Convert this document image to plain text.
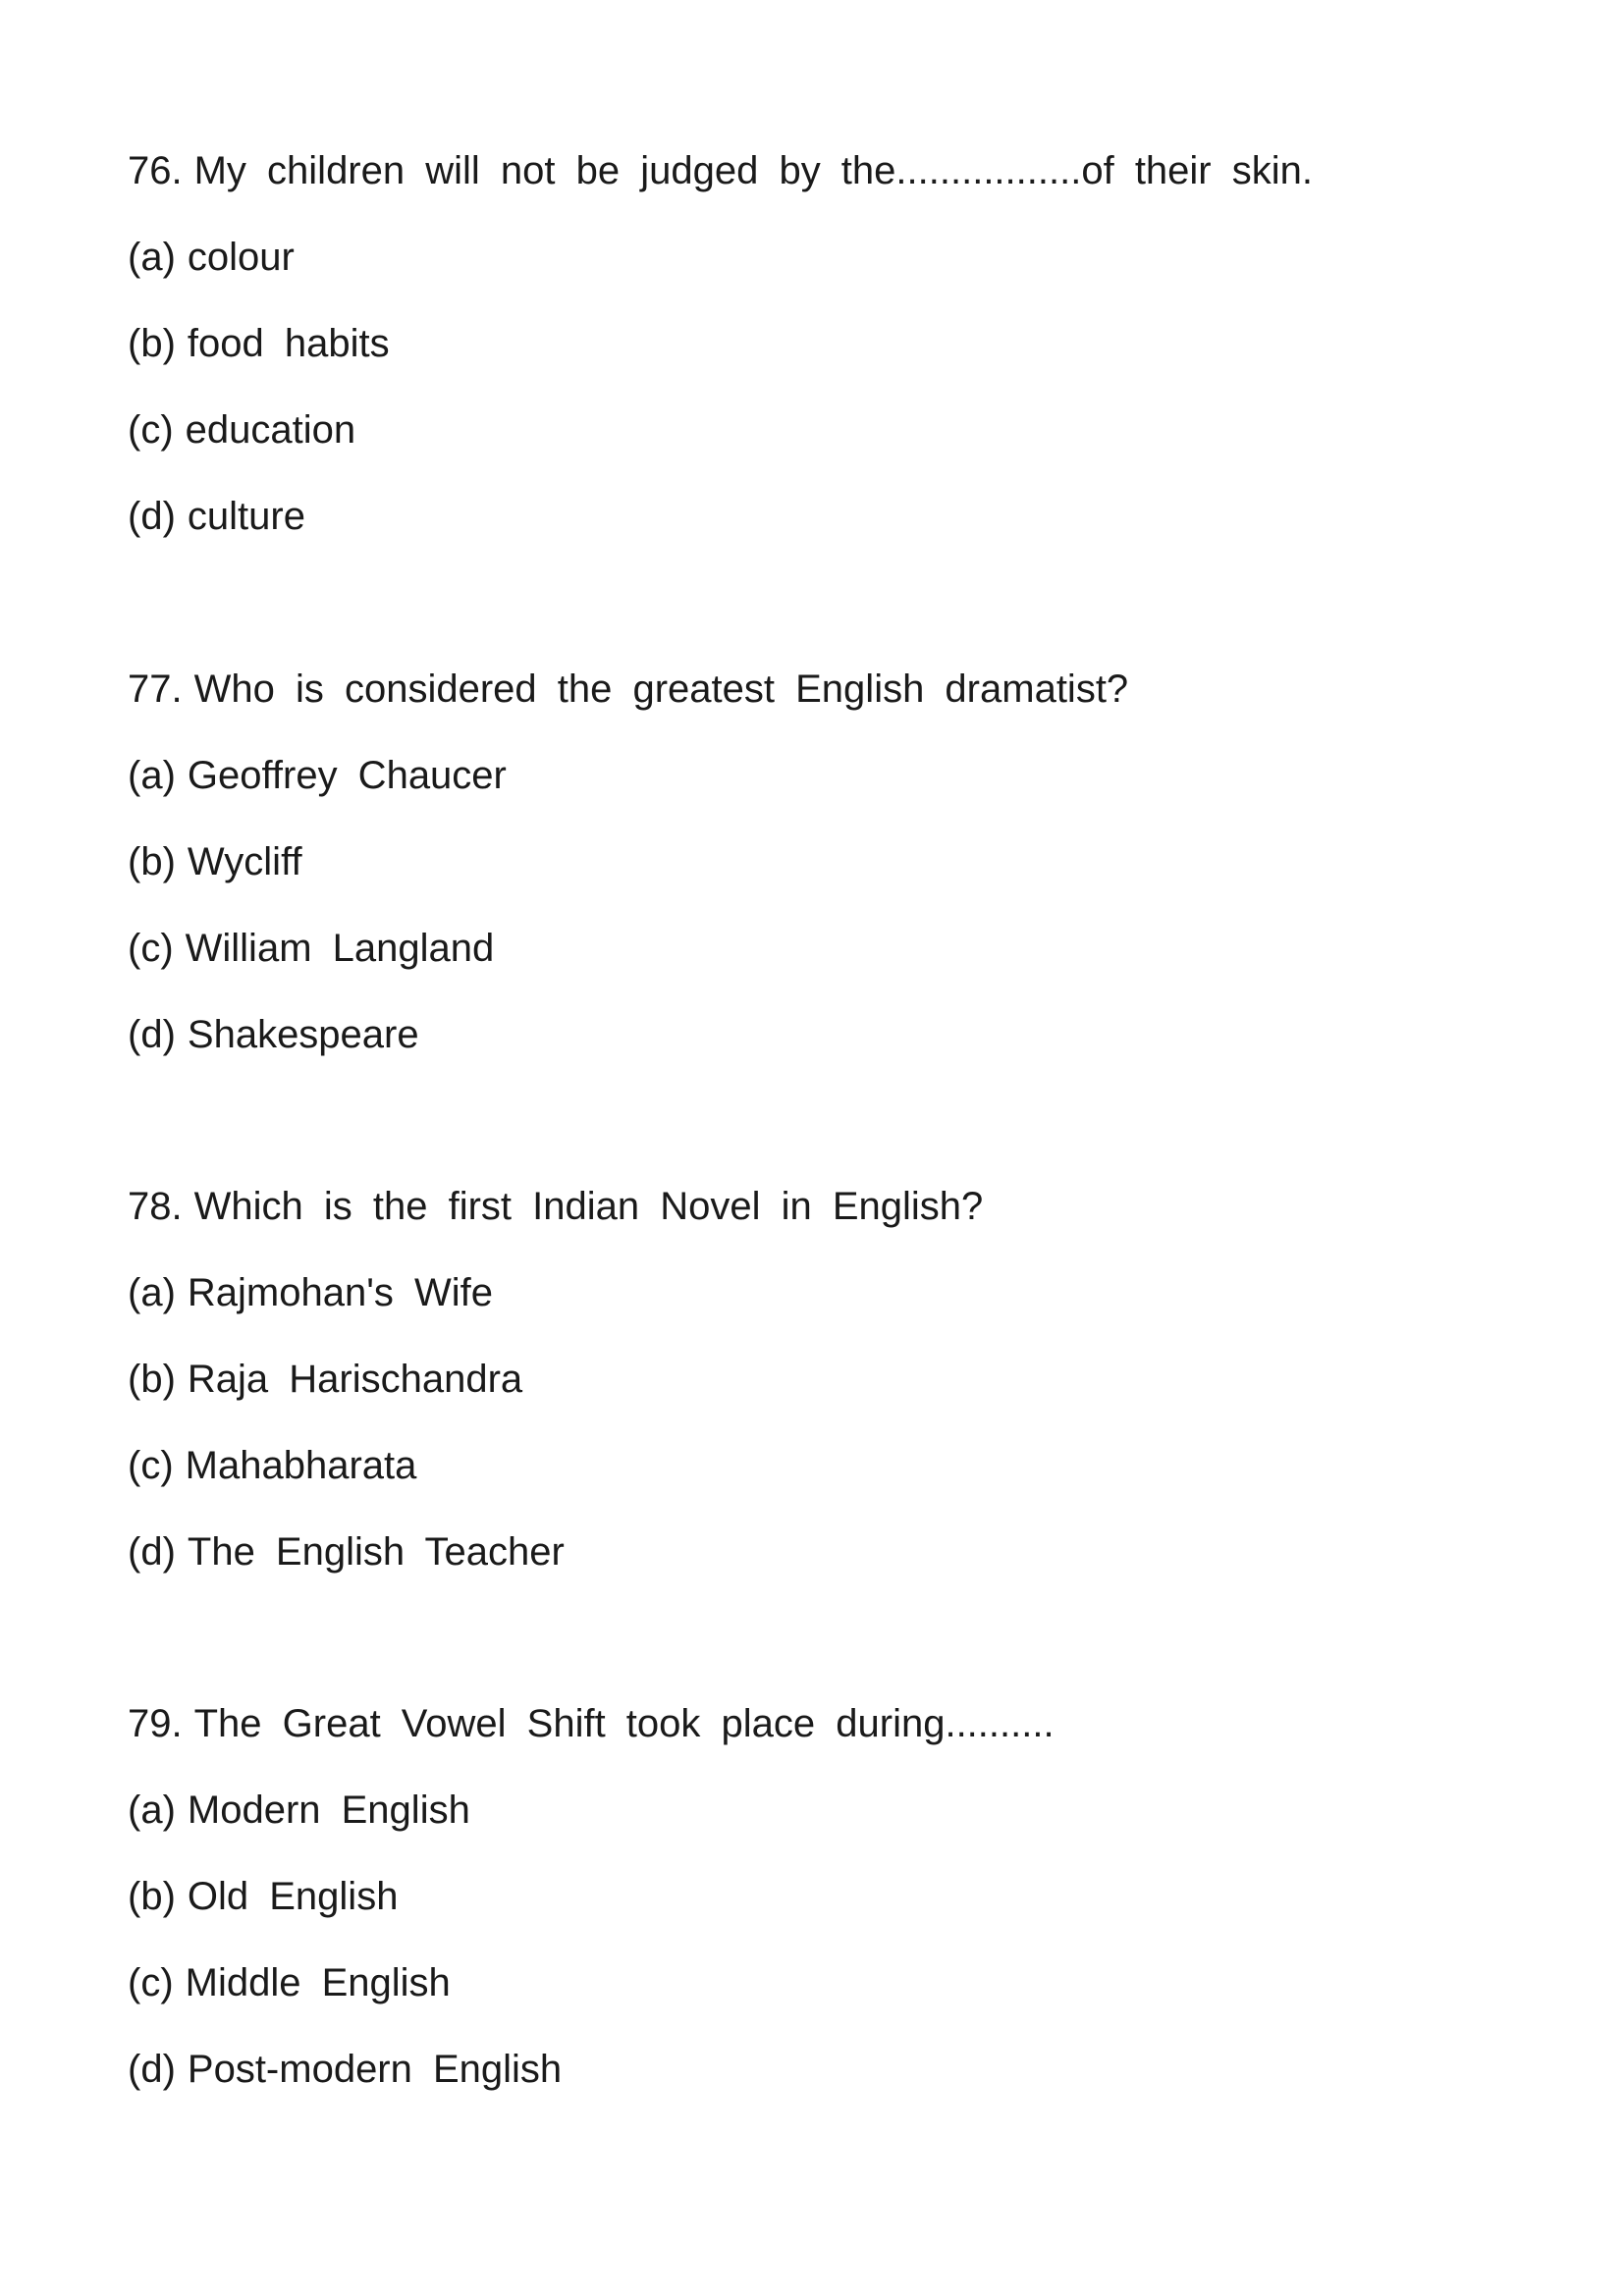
76. My children will not be judged by the.................of their skin.
(a) colour
(b) food habits
(c) education
(d) culture
77. Who is considered the greatest English dramatist?
(a) Geoffrey Chaucer
(b) Wycliff
(c) William Langland
(d) Shakespeare
78. Which is the first Indian Novel in English?
(a) Rajmohan's Wife
(b) Raja Harischandra
(c) Mahabharata
(d) The English Teacher
79. The Great Vowel Shift took place during..........
(a) Modern English
(b) Old English
(c) Middle English
(d) Post-modern English
